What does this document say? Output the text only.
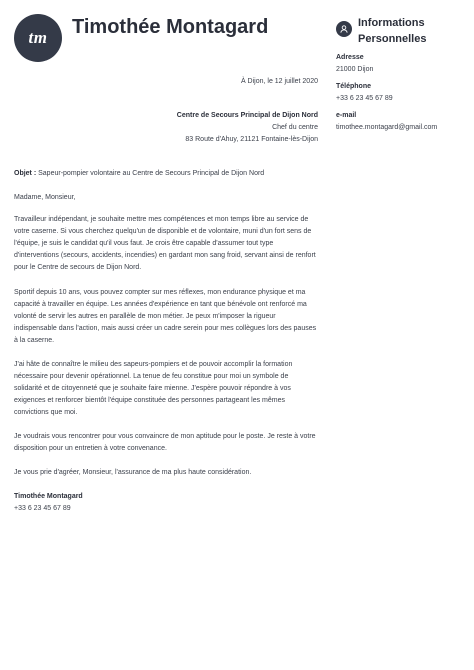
tm Timothée Montagard	Informations
Personnelles
Adresse
21000 Dijon
Téléphone
+33 6 23 45 67 89
e-mail
timothee.montagard@gmail.com
À Dijon, le 12 juillet 2020
Centre de Secours Principal de Dijon Nord
Chef du centre
83 Route d'Ahuy, 21121 Fontaine-lès-Dijon
Objet : Sapeur-pompier volontaire au Centre de Secours Principal de Dijon Nord
Madame, Monsieur,

Travailleur indépendant, je souhaite mettre mes compétences et mon temps libre au service de votre caserne. Si vous cherchez quelqu'un de disponible et de volontaire, muni d'un fort sens de l'équipe, je suis le candidat qu'il vous faut. Je crois être capable d'assumer tout type d'interventions (secours, accidents, incendies) en gardant mon sang froid, servant ainsi de renfort pour le Centre de secours de Dijon Nord.

Sportif depuis 10 ans, vous pouvez compter sur mes réflexes, mon endurance physique et ma capacité à travailler en équipe. Les années d'expérience en tant que bénévole ont renforcé ma volonté de servir les autres en parallèle de mon métier. Je peux m'imposer la rigueur indispensable dans l'action, mais aussi créer un cadre serein pour mes collègues lors des pauses à la caserne.

J'ai hâte de connaître le milieu des sapeurs-pompiers et de pouvoir accomplir la formation nécessaire pour devenir opérationnel. La tenue de feu constitue pour moi un symbole de solidarité et de citoyenneté que je souhaite faire mienne. J'espère pouvoir répondre à vos exigences et renforcer bientôt l'équipe constituée des personnes partageant les mêmes convictions que moi.

Je voudrais vous rencontrer pour vous convaincre de mon aptitude pour le poste. Je reste à votre disposition pour un entretien à votre convenance.

Je vous prie d'agréer, Monsieur, l'assurance de ma plus haute considération.

Timothée Montagard
+33 6 23 45 67 89
